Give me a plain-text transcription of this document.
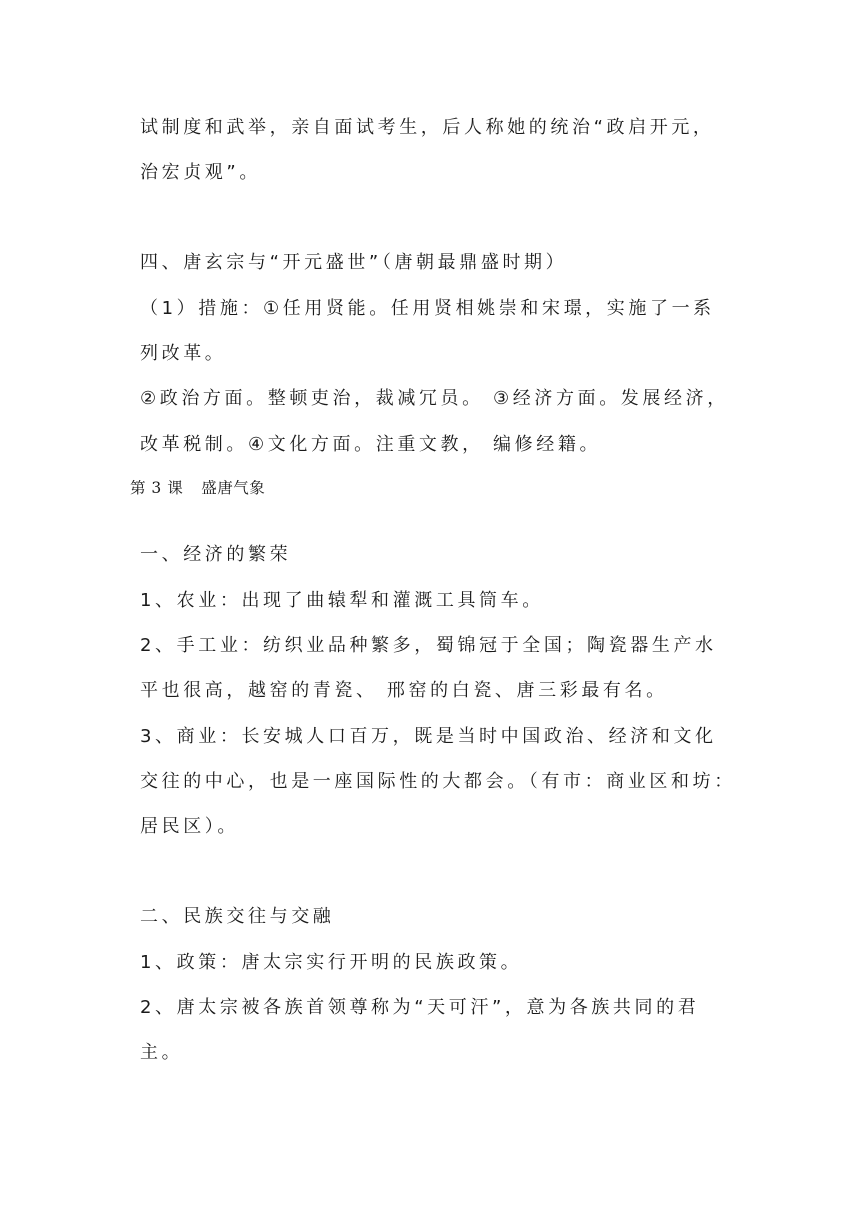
试制度和武举，亲自面试考生，后人称她的统治“政启开元，
治宏贞观”。
四、唐玄宗与“开元盛世”（唐朝最鼎盛时期）
（1）措施：①任用贤能。任用贤相姚崇和宋璟，实施了一系
列改革。
②政治方面。整顿吏治，裁减冗员。 ③经济方面。发展经济，
改革税制。④文化方面。注重文教， 编修经籍。
第 3 课 盛唐气象
一、经济的繁荣
1、农业：出现了曲辕犁和灌溉工具筒车。
2、手工业：纺织业品种繁多，蜀锦冠于全国；陶瓷器生产水
平也很高，越窑的青瓷、 邢窑的白瓷、唐三彩最有名。
3、商业：长安城人口百万，既是当时中国政治、经济和文化
交往的中心，也是一座国际性的大都会。（有市：商业区和坊：
居民区）。
二、民族交往与交融
1、政策：唐太宗实行开明的民族政策。
2、唐太宗被各族首领尊称为“天可汗”，意为各族共同的君
主。
